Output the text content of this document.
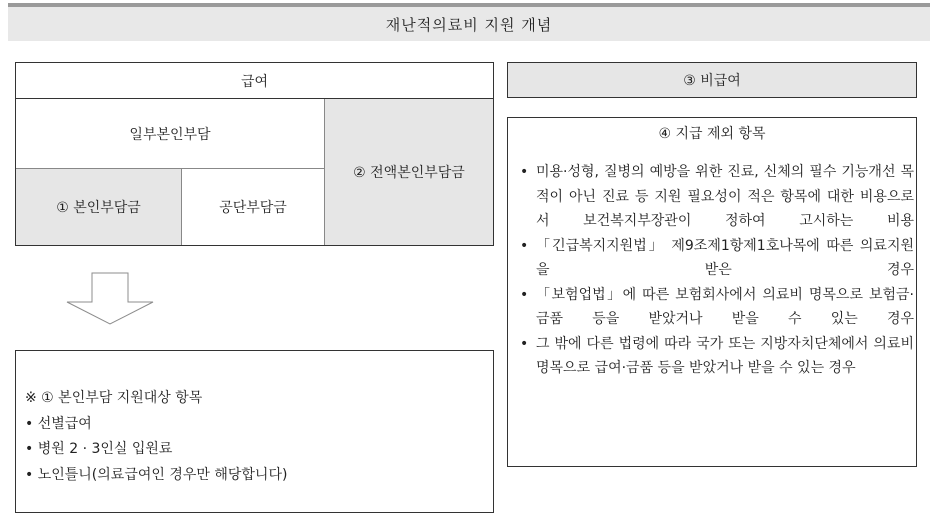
재난적의료비 지원 개념
급여
일부본인부담
① 본인부담금	공단부담금
② 전액본인부담금
※ ① 본인부담 지원대상 항목
• 선별급여
• 병원 2 · 3인실 입원료
• 노인틀니(의료급여인 경우만 해당합니다)
③ 비급여
④ 지급 제외 항목
• 미용·성형, 질병의 예방을 위한 진료, 신체의 필수 기능개선 목적이 아닌 진료 등 지원 필요성이 적은 항목에 대한 비용으로서 보건복지부장관이 정하여 고시하는 비용
• 「긴급복지지원법」 제9조제1항제1호나목에 따른 의료지원을 받은 경우
• 「보험업법」에 따른 보험회사에서 의료비 명목으로 보험금·금품 등을 받았거나 받을 수 있는 경우
• 그 밖에 다른 법령에 따라 국가 또는 지방자치단체에서 의료비 명목으로 급여·금품 등을 받았거나 받을 수 있는 경우
